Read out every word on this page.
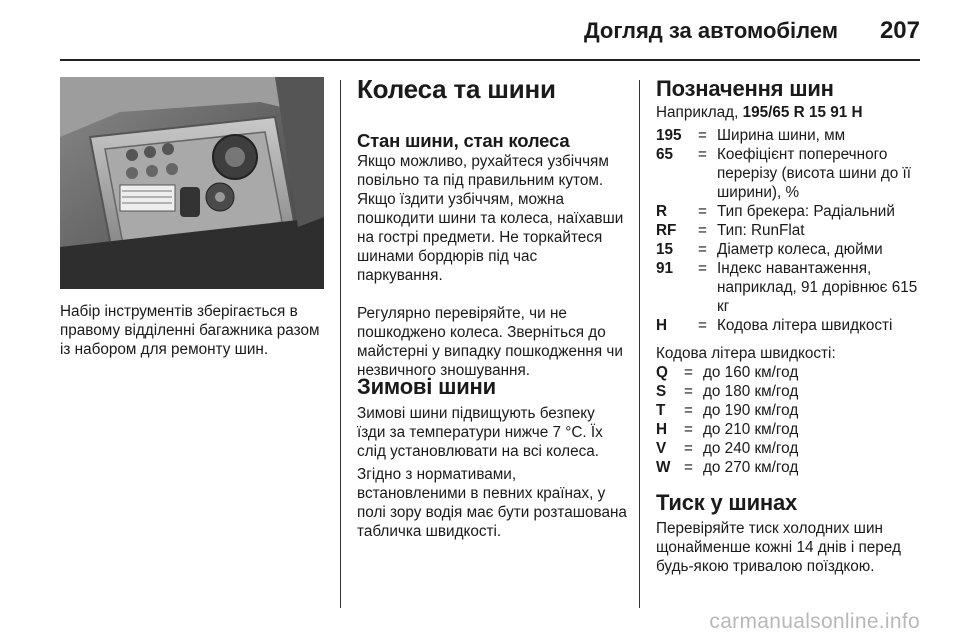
Догляд за автомобілем 207

Набір інструментів зберігається в правому відділенні багажника разом із набором для ремонту шин.

Колеса та шини
Стан шини, стан колеса

Якщо можливо, рухайтеся узбіччям повільно та під правильним кутом. Якщо їздити узбіччям, можна пошкодити шини та колеса, наїхавши на гострі предмети. Не торкайтеся шинами бордюрів під час паркування.

Регулярно перевіряйте, чи не пошкоджено колеса. Зверніться до майстерні у випадку пошкодження чи незвичного зношування.

Зимові шини

Зимові шини підвищують безпеку їзди за температури нижче 7 °C. Їх слід установлювати на всі колеса.

Згідно з нормативами, встановленими в певних країнах, у полі зору водія має бути розташована табличка швидкості.

Позначення шин

Наприклад, 195/65 R 15 91 H

195 = Ширина шини, мм
65 = Коефіцієнт поперечного перерізу (висота шини до її ширини), %
R = Тип брекера: Радіальний
RF = Тип: RunFlat
15 = Діаметр колеса, дюйми
91 = Індекс навантаження, наприклад, 91 дорівнює 615 кг
H = Кодова літера швидкості

Кодова літера швидкості:

Q = до 160 км/год
S = до 180 км/год
T = до 190 км/год
H = до 210 км/год
V = до 240 км/год
W = до 270 км/год
Тиск у шинах

Перевіряйте тиск холодних шин щонайменше кожні 14 днів і перед будь-якою тривалою поїздкою.

carmanualsonline.info
